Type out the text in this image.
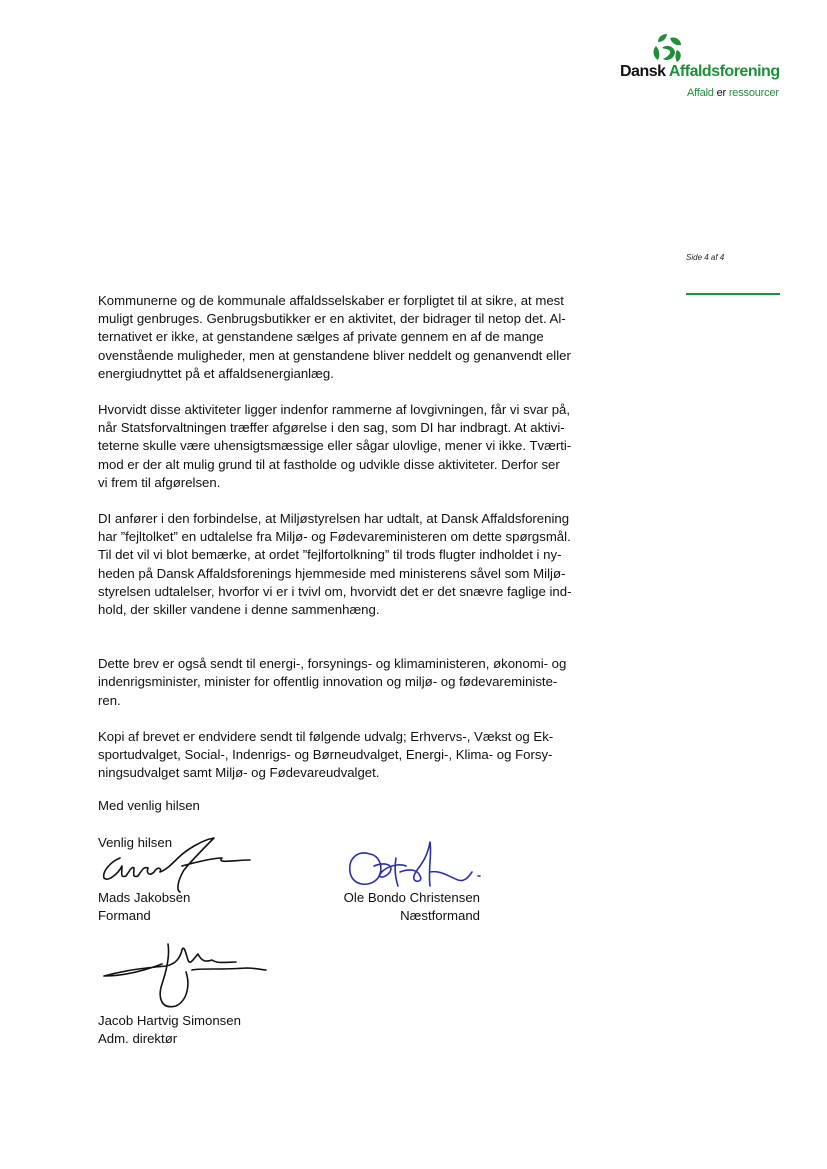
Dansk Affaldsforening
Affald er ressourcer
Side 4 af 4

Kommunerne og de kommunale affaldsselskaber er forpligtet til at sikre, at mest
muligt genbruges. Genbrugsbutikker er en aktivitet, der bidrager til netop det. Al-
ternativet er ikke, at genstandene sælges af private gennem en af de mange
ovenstående muligheder, men at genstandene bliver neddelt og genanvendt eller
energiudnyttet på et affaldsenergianlæg.

Hvorvidt disse aktiviteter ligger indenfor rammerne af lovgivningen, får vi svar på,
når Statsforvaltningen træffer afgørelse i den sag, som DI har indbragt. At aktivi-
teterne skulle være uhensigtsmæssige eller sågar ulovlige, mener vi ikke. Tværti-
mod er der alt mulig grund til at fastholde og udvikle disse aktiviteter. Derfor ser
vi frem til afgørelsen.

DI anfører i den forbindelse, at Miljøstyrelsen har udtalt, at Dansk Affaldsforening
har ”fejltolket” en udtalelse fra Miljø- og Fødevareministeren om dette spørgsmål.
Til det vil vi blot bemærke, at ordet ”fejlfortolkning” til trods flugter indholdet i ny-
heden på Dansk Affaldsforenings hjemmeside med ministerens såvel som Miljø-
styrelsen udtalelser, hvorfor vi er i tvivl om, hvorvidt det er det snævre faglige ind-
hold, der skiller vandene i denne sammenhæng.

Dette brev er også sendt til energi-, forsynings- og klimaministeren, økonomi- og
indenrigsminister, minister for offentlig innovation og miljø- og fødevareministe-
ren.

Kopi af brevet er endvidere sendt til følgende udvalg; Erhvervs-, Vækst og Ek-
sportudvalget, Social-, Indenrigs- og Børneudvalget, Energi-, Klima- og Forsy-
ningsudvalget samt Miljø- og Fødevareudvalget.

Med venlig hilsen
Venlig hilsen
Mads Jakobsen
Formand
Ole Bondo Christensen
Næstformand
Jacob Hartvig Simonsen
Adm. direktør
